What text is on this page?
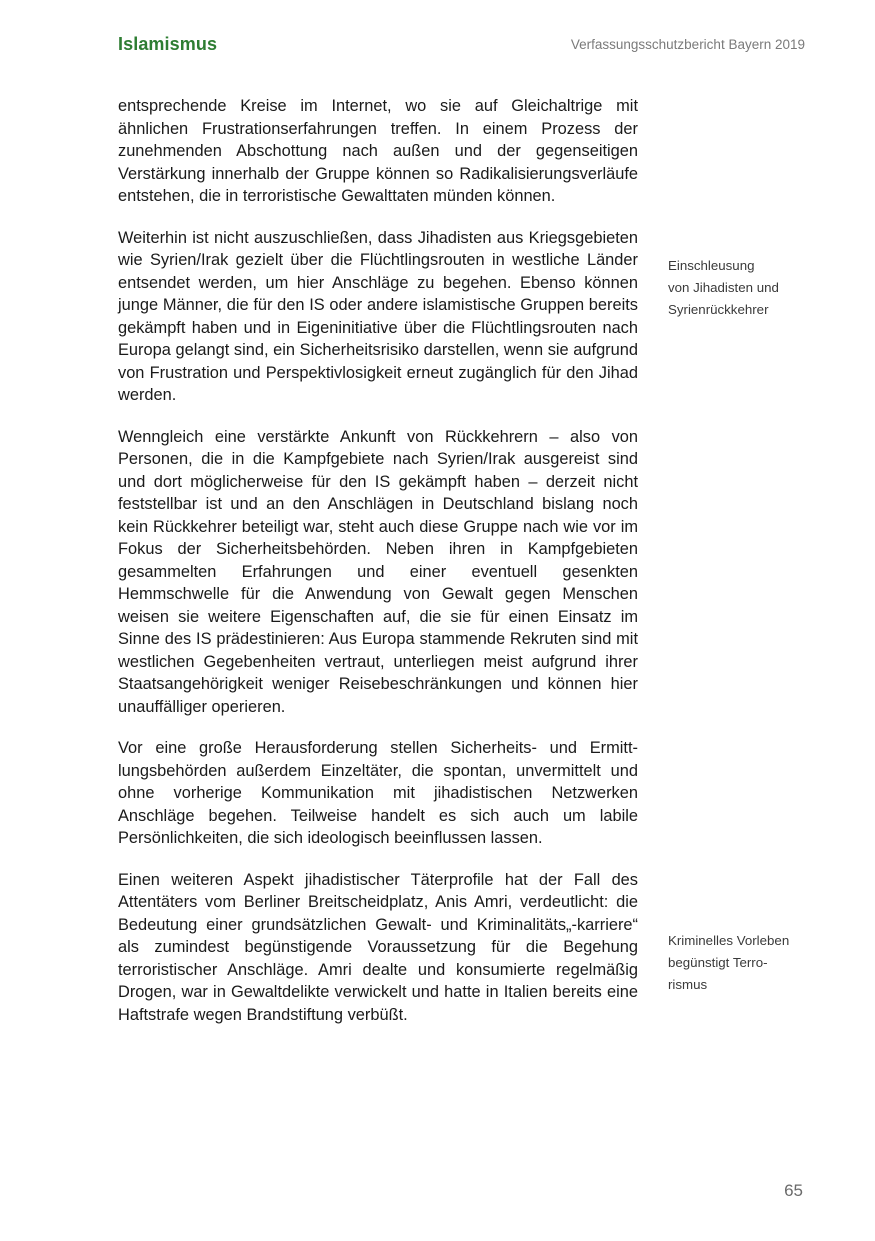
Islamismus	Verfassungsschutzbericht Bayern 2019

entsprechende Kreise im Internet, wo sie auf Gleichaltrige mit ähnlichen Frustrationserfahrungen treffen. In einem Prozess der zunehmenden Abschottung nach außen und der gegenseitigen Verstärkung innerhalb der Gruppe können so Radikalisierungsverläufe entstehen, die in terroristische Gewalttaten münden können.

Weiterhin ist nicht auszuschließen, dass Jihadisten aus Kriegsgebieten wie Syrien/Irak gezielt über die Flüchtlingsrouten in westliche Länder entsendet werden, um hier Anschläge zu begehen. Ebenso können junge Männer, die für den IS oder andere islamistische Gruppen bereits gekämpft haben und in Eigeninitiative über die Flüchtlingsrouten nach Europa gelangt sind, ein Sicherheitsrisiko darstellen, wenn sie aufgrund von Frustration und Perspektivlosigkeit erneut zugänglich für den Jihad werden.

Wenngleich eine verstärkte Ankunft von Rückkehrern – also von Personen, die in die Kampfgebiete nach Syrien/Irak ausgereist sind und dort möglicherweise für den IS gekämpft haben – derzeit nicht feststellbar ist und an den Anschlägen in Deutschland bislang noch kein Rückkehrer beteiligt war, steht auch diese Gruppe nach wie vor im Fokus der Sicherheitsbehörden. Neben ihren in Kampfgebieten gesammelten Erfahrungen und einer eventuell gesenkten Hemmschwelle für die Anwendung von Gewalt gegen Menschen weisen sie weitere Eigenschaften auf, die sie für einen Einsatz im Sinne des IS prädestinieren: Aus Europa stammende Rekruten sind mit westlichen Gegebenheiten vertraut, unterliegen meist aufgrund ihrer Staatsangehörigkeit weniger Reisebeschränkungen und können hier unauffälliger operieren.

Vor eine große Herausforderung stellen Sicherheits- und Ermittlungsbehörden außerdem Einzeltäter, die spontan, unvermittelt und ohne vorherige Kommunikation mit jihadistischen Netzwerken Anschläge begehen. Teilweise handelt es sich auch um labile Persönlichkeiten, die sich ideologisch beeinflussen lassen.

Einen weiteren Aspekt jihadistischer Täterprofile hat der Fall des Attentäters vom Berliner Breitscheidplatz, Anis Amri, verdeutlicht: die Bedeutung einer grundsätzlichen Gewalt- und Kriminalitäts„-karriere“ als zumindest begünstigende Voraussetzung für die Begehung terroristischer Anschläge. Amri dealte und konsumierte regelmäßig Drogen, war in Gewaltdelikte verwickelt und hatte in Italien bereits eine Haftstrafe wegen Brandstiftung verbüßt.

Einschleusung
von Jihadisten und
Syrienrückkehrer
Kriminelles Vorleben
begünstigt Terro-
rismus
65
